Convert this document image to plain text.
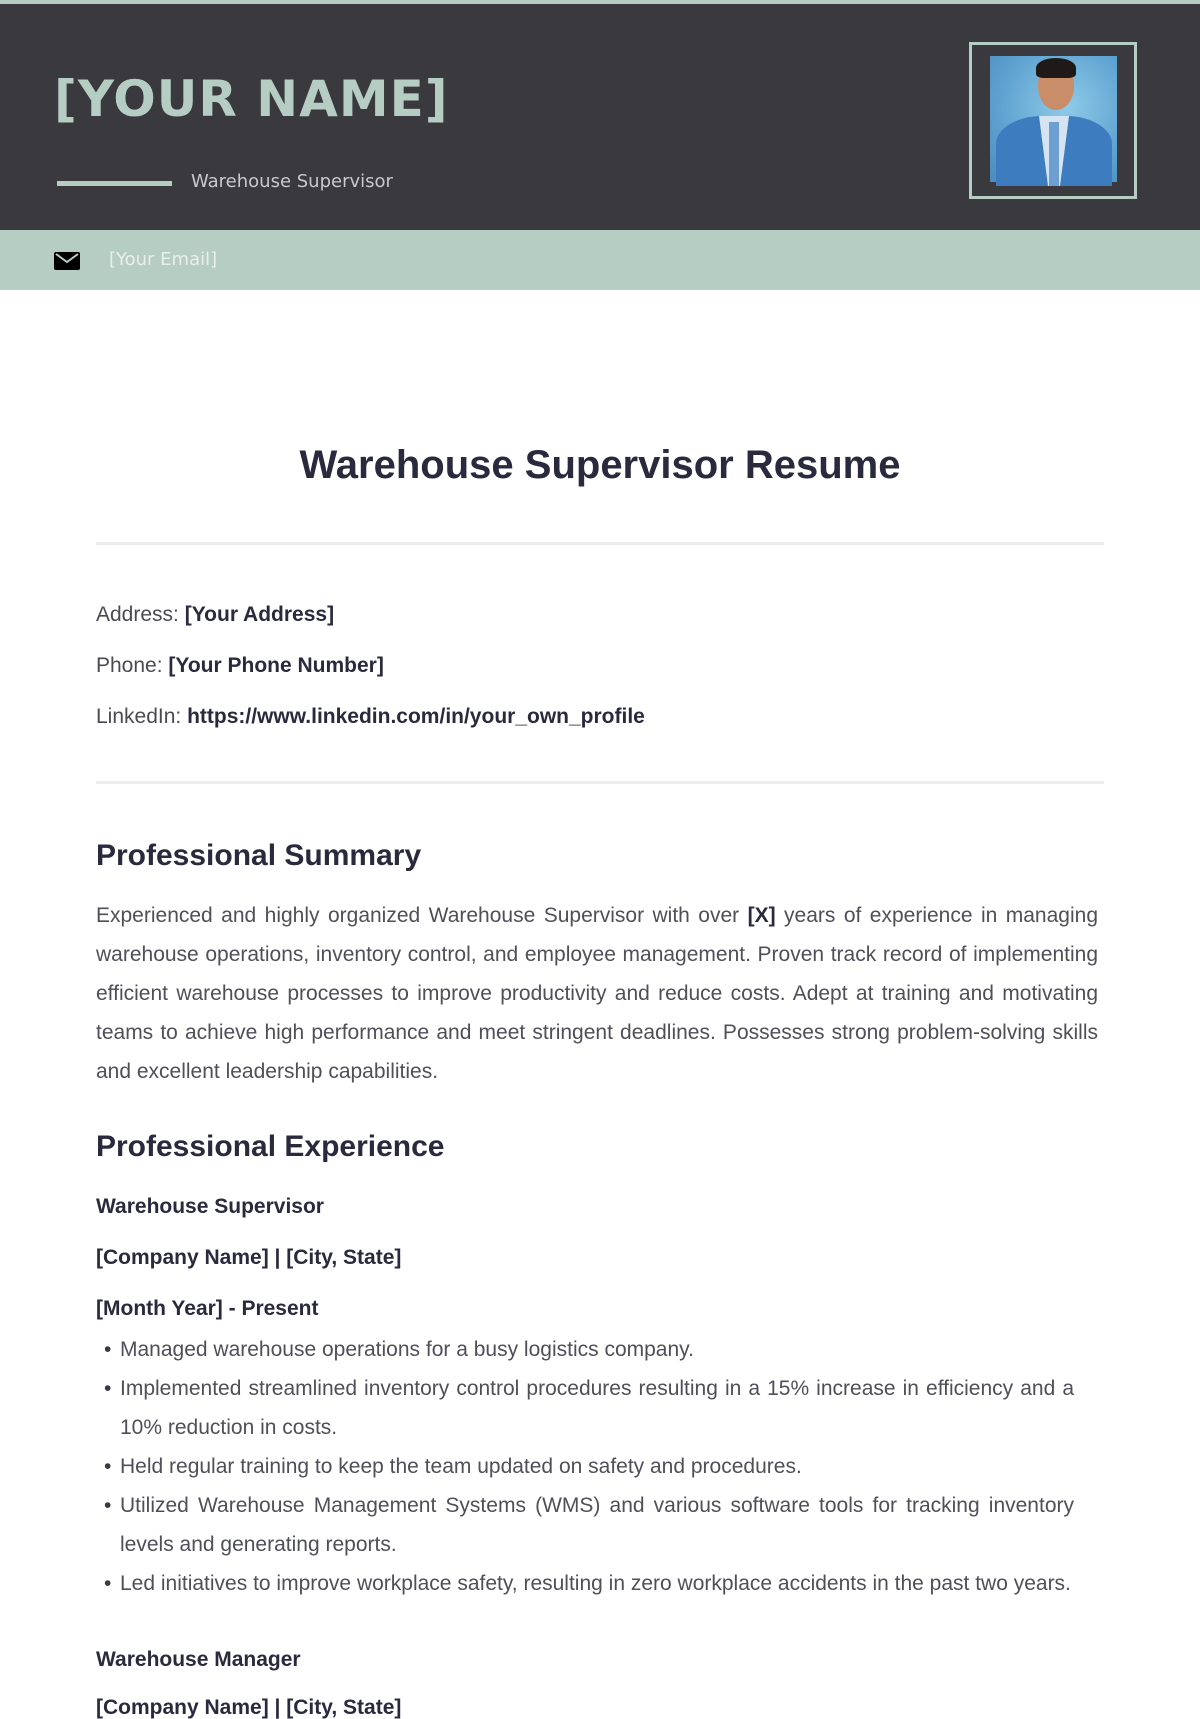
[YOUR NAME]
Warehouse Supervisor
[Your Email]
Warehouse Supervisor Resume
Address: [Your Address]
Phone: [Your Phone Number]
LinkedIn: https://www.linkedin.com/in/your_own_profile
Professional Summary

Experienced and highly organized Warehouse Supervisor with over [X] years of experience in managing warehouse operations, inventory control, and employee management. Proven track record of implementing efficient warehouse processes to improve productivity and reduce costs. Adept at training and motivating teams to achieve high performance and meet stringent deadlines. Possesses strong problem-solving skills and excellent leadership capabilities.

Professional Experience
Warehouse Supervisor
[Company Name] | [City, State]
[Month Year] - Present
• Managed warehouse operations for a busy logistics company.
• Implemented streamlined inventory control procedures resulting in a 15% increase in efficiency and a 10% reduction in costs.
• Held regular training to keep the team updated on safety and procedures.
• Utilized Warehouse Management Systems (WMS) and various software tools for tracking inventory levels and generating reports.
• Led initiatives to improve workplace safety, resulting in zero workplace accidents in the past two years.
Warehouse Manager
[Company Name] | [City, State]
